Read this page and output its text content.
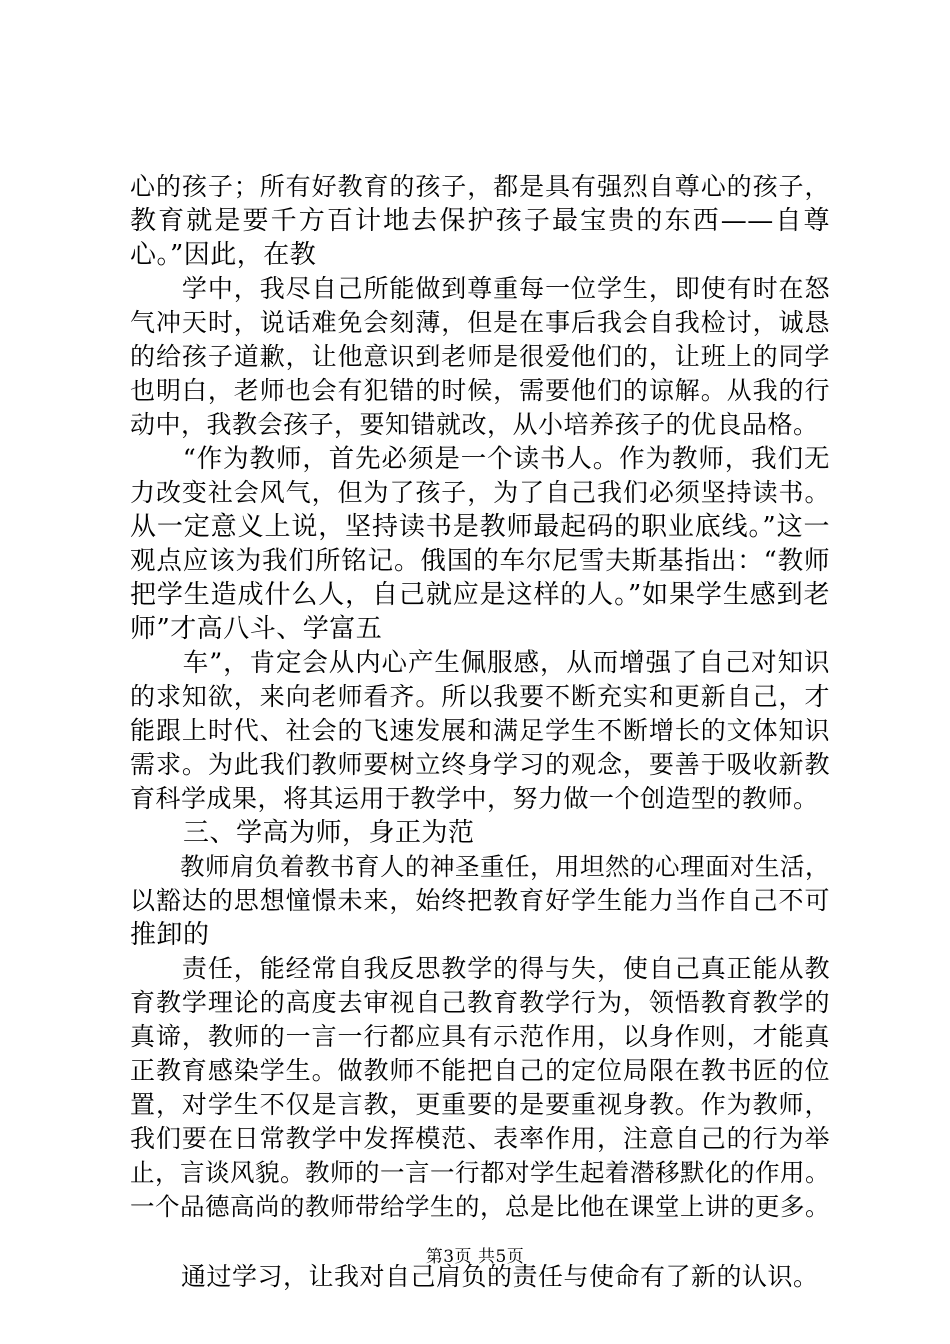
心的孩子；所有好教育的孩子，都是具有强烈自尊心的孩子，
教育就是要千方百计地去保护孩子最宝贵的东西——自尊
心。”因此，在教
　　学中，我尽自己所能做到尊重每一位学生，即使有时在怒
气冲天时，说话难免会刻薄，但是在事后我会自我检讨，诚恳
的给孩子道歉，让他意识到老师是很爱他们的，让班上的同学
也明白，老师也会有犯错的时候，需要他们的谅解。从我的行
动中，我教会孩子，要知错就改，从小培养孩子的优良品格。
　　“作为教师，首先必须是一个读书人。作为教师，我们无
力改变社会风气，但为了孩子，为了自己我们必须坚持读书。
从一定意义上说，坚持读书是教师最起码的职业底线。”这一
观点应该为我们所铭记。俄国的车尔尼雪夫斯基指出：“教师
把学生造成什么人，自己就应是这样的人。”如果学生感到老
师”才高八斗、学富五
　　车”，肯定会从内心产生佩服感，从而增强了自己对知识
的求知欲，来向老师看齐。所以我要不断充实和更新自己，才
能跟上时代、社会的飞速发展和满足学生不断增长的文体知识
需求。为此我们教师要树立终身学习的观念，要善于吸收新教
育科学成果，将其运用于教学中，努力做一个创造型的教师。
　　三、学高为师，身正为范
　　教师肩负着教书育人的神圣重任，用坦然的心理面对生活，
以豁达的思想憧憬未来，始终把教育好学生能力当作自己不可
推卸的
　　责任，能经常自我反思教学的得与失，使自己真正能从教
育教学理论的高度去审视自己教育教学行为，领悟教育教学的
真谛，教师的一言一行都应具有示范作用，以身作则，才能真
正教育感染学生。做教师不能把自己的定位局限在教书匠的位
置，对学生不仅是言教，更重要的是要重视身教。作为教师，
我们要在日常教学中发挥模范、表率作用，注意自己的行为举
止，言谈风貌。教师的一言一行都对学生起着潜移默化的作用。
一个品德高尚的教师带给学生的，总是比他在课堂上讲的更多。
　　通过学习，让我对自己肩负的责任与使命有了新的认识。
第3页 共5页
